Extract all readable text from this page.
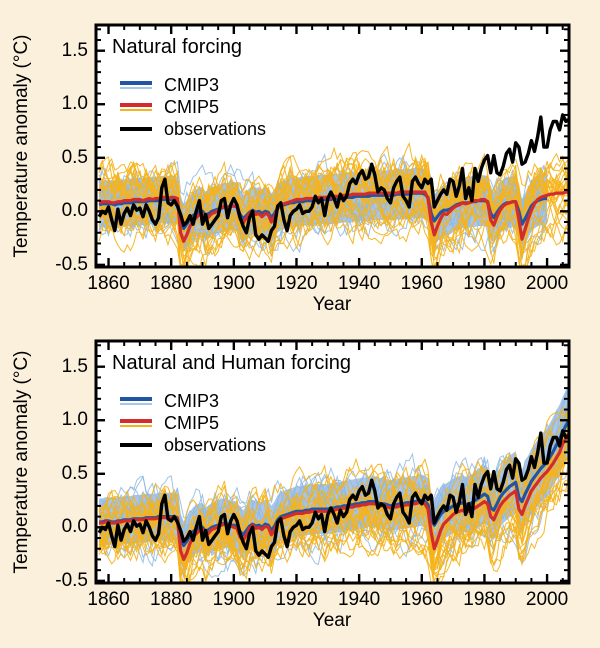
Temperature anomaly (°C)	Natural forcing
CMIP3
CMIP5
observations
Year
Temperature anomaly (°C)	Natural and Human forcing
CMIP3
CMIP5
observations
Year
-0.5
0.0
0.5
1.0
1.5
1860	1880	1900	1920	1940	1960	1980	2000
-0.5
0.0
0.5
1.0
1.5
1860	1880	1900	1920	1940	1960	1980	2000
